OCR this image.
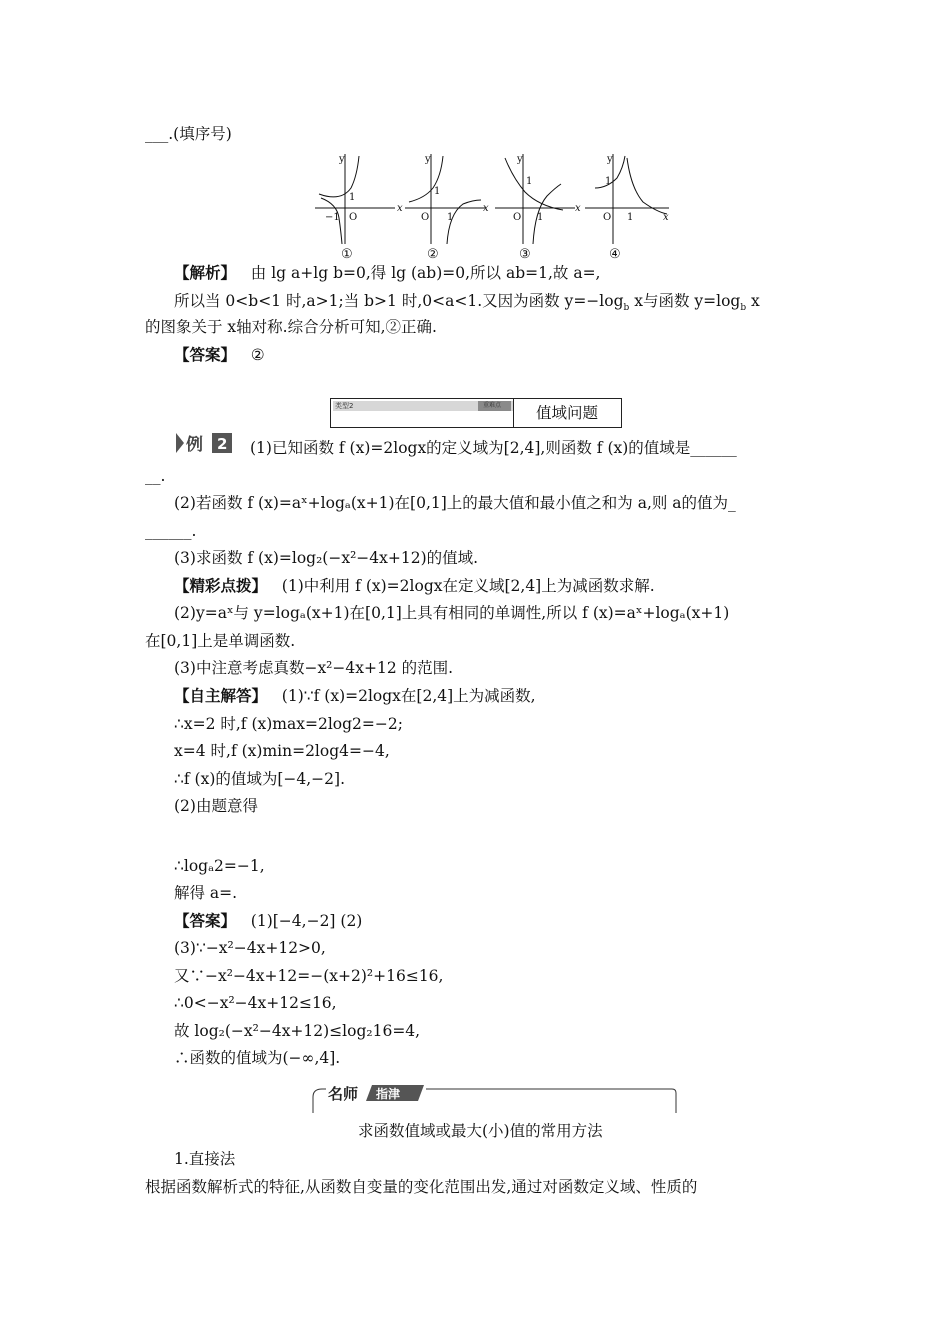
___.(填序号)
y
x
O
1
−1
①
y
x
O 1
1
②
y
x
O
1
1
③
y
x
O
1
1
④
【解析】 由 lg a+lg b=0,得 lg (ab)=0,所以 ab=1,故 a=,
所以当 0<b<1 时,a>1;当 b>1 时,0<a<1.又因为函数 $y=-\log_b$ x与函数 $y=\log_b$ x
的图象关于 x轴对称.综合分析可知,②正确.
【答案】 ②
类型2	重难点 值域问题
例 2 (1)已知函数 f (x)=2logx的定义域为[2,4],则函数 f (x)的值域是______
__.
(2)若函数 f (x)=aˣ+logₐ(x+1)在[0,1]上的最大值和最小值之和为 a,则 a的值为_
______.
(3)求函数 f (x)=log₂(−x²−4x+12)的值域.
【精彩点拨】 (1)中利用 f (x)=2logx在定义域[2,4]上为减函数求解.
(2)y=aˣ与 y=logₐ(x+1)在[0,1]上具有相同的单调性,所以 f (x)=aˣ+logₐ(x+1)
在[0,1]上是单调函数.
(3)中注意考虑真数−x²−4x+12 的范围.
【自主解答】 (1)∵f (x)=2logx在[2,4]上为减函数,
∴x=2 时,f (x)max=2log2=−2;
x=4 时,f (x)min=2log4=−4,
∴f (x)的值域为[−4,−2].
(2)由题意得
∴logₐ2=−1,
解得 a=.
【答案】 (1)[−4,−2] (2)
(3)∵−x²−4x+12>0,
又∵−x²−4x+12=−(x+2)²+16≤16,
∴0<−x²−4x+12≤16,
故 log₂(−x²−4x+12)≤log₂16=4,
∴函数的值域为(−∞,4].
名师 指津
求函数值域或最大(小)值的常用方法
1.直接法
根据函数解析式的特征,从函数自变量的变化范围出发,通过对函数定义域、性质的
